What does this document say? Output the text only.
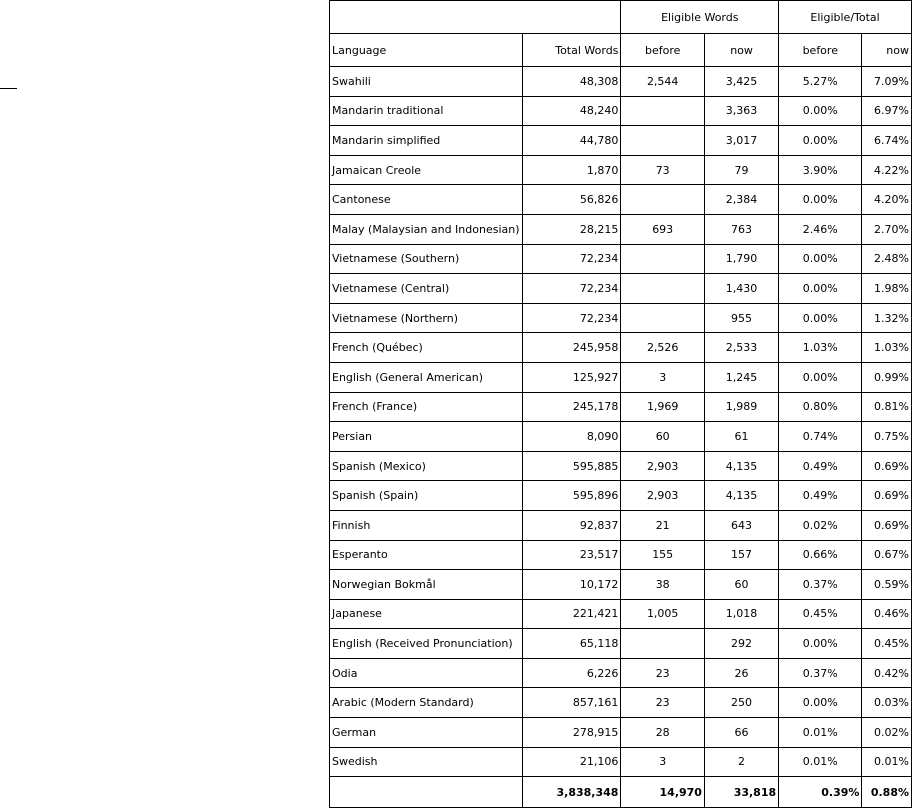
		Eligible Words		Eligible/Total	
Language	Total Words	before	now	before	now
Swahili	48,308	2,544	3,425	5.27%	7.09%
Mandarin traditional	48,240		3,363	0.00%	6.97%
Mandarin simplified	44,780		3,017	0.00%	6.74%
Jamaican Creole	1,870	73	79	3.90%	4.22%
Cantonese	56,826		2,384	0.00%	4.20%
Malay (Malaysian and Indonesian)	28,215	693	763	2.46%	2.70%
Vietnamese (Southern)	72,234		1,790	0.00%	2.48%
Vietnamese (Central)	72,234		1,430	0.00%	1.98%
Vietnamese (Northern)	72,234		955	0.00%	1.32%
French (Québec)	245,958	2,526	2,533	1.03%	1.03%
English (General American)	125,927	3	1,245	0.00%	0.99%
French (France)	245,178	1,969	1,989	0.80%	0.81%
Persian	8,090	60	61	0.74%	0.75%
Spanish (Mexico)	595,885	2,903	4,135	0.49%	0.69%
Spanish (Spain)	595,896	2,903	4,135	0.49%	0.69%
Finnish	92,837	21	643	0.02%	0.69%
Esperanto	23,517	155	157	0.66%	0.67%
Norwegian Bokmål	10,172	38	60	0.37%	0.59%
Japanese	221,421	1,005	1,018	0.45%	0.46%
English (Received Pronunciation)	65,118		292	0.00%	0.45%
Odia	6,226	23	26	0.37%	0.42%
Arabic (Modern Standard)	857,161	23	250	0.00%	0.03%
German	278,915	28	66	0.01%	0.02%
Swedish	21,106	3	2	0.01%	0.01%
	3,838,348	14,970	33,818	0.39%	0.88%
